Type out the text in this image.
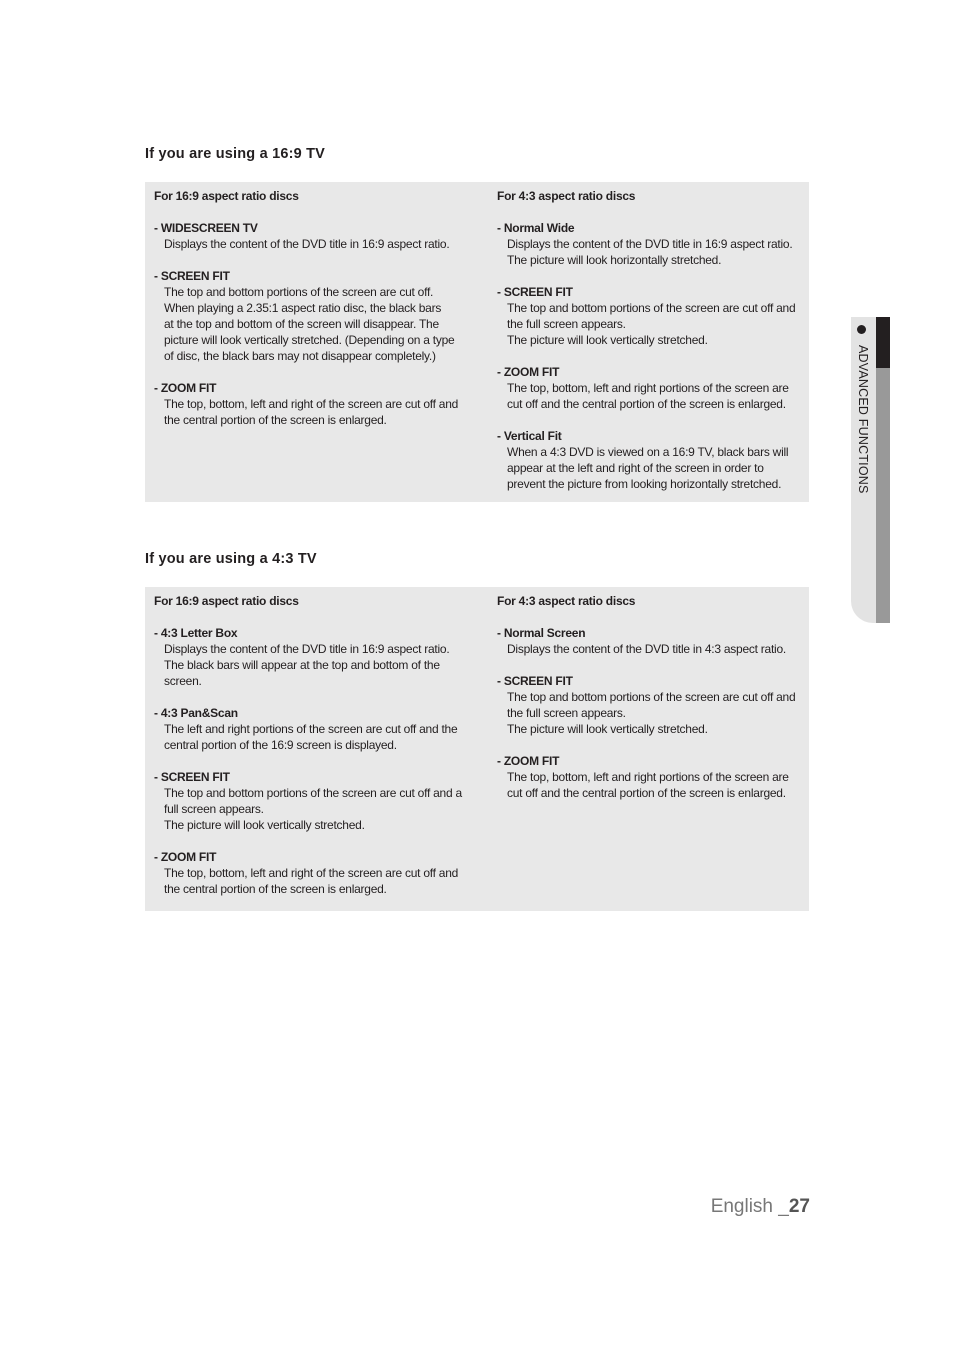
If you are using a 16:9 TV
For 16:9 aspect ratio discs
- WIDESCREEN TV
Displays the content of the DVD title in 16:9 aspect ratio.
- SCREEN FIT
The top and bottom portions of the screen are cut off.
When playing a 2.35:1 aspect ratio disc, the black bars
at the top and bottom of the screen will disappear. The
picture will look vertically stretched. (Depending on a type
of disc, the black bars may not disappear completely.)
- ZOOM FIT
The top, bottom, left and right of the screen are cut off and
the central portion of the screen is enlarged.
For 4:3 aspect ratio discs
- Normal Wide
Displays the content of the DVD title in 16:9 aspect ratio.
The picture will look horizontally stretched.
- SCREEN FIT
The top and bottom portions of the screen are cut off and
the full screen appears.
The picture will look vertically stretched.
- ZOOM FIT
The top, bottom, left and right portions of the screen are
cut off and the central portion of the screen is enlarged.
- Vertical Fit
When a 4:3 DVD is viewed on a 16:9 TV, black bars will
appear at the left and right of the screen in order to
prevent the picture from looking horizontally stretched.
If you are using a 4:3 TV
For 16:9 aspect ratio discs
- 4:3 Letter Box
Displays the content of the DVD title in 16:9 aspect ratio.
The black bars will appear at the top and bottom of the
screen.
- 4:3 Pan&Scan
The left and right portions of the screen are cut off and the
central portion of the 16:9 screen is displayed.
- SCREEN FIT
The top and bottom portions of the screen are cut off and a
full screen appears.
The picture will look vertically stretched.
- ZOOM FIT
The top, bottom, left and right of the screen are cut off and
the central portion of the screen is enlarged.
For 4:3 aspect ratio discs
- Normal Screen
Displays the content of the DVD title in 4:3 aspect ratio.
- SCREEN FIT
The top and bottom portions of the screen are cut off and
the full screen appears.
The picture will look vertically stretched.
- ZOOM FIT
The top, bottom, left and right portions of the screen are
cut off and the central portion of the screen is enlarged.
ADVANCED FUNCTIONS
English _27
